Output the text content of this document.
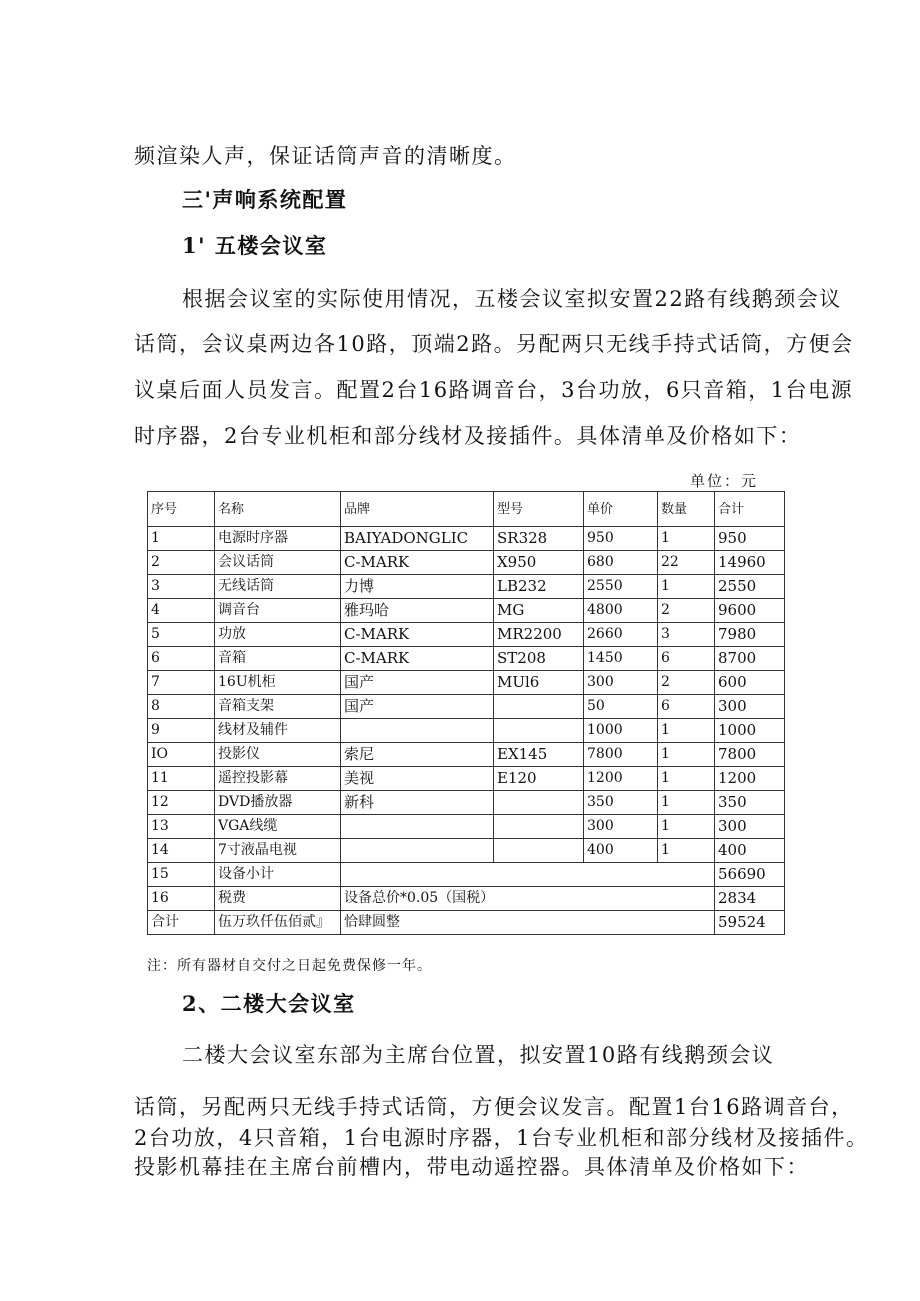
频渲染人声，保证话筒声音的清晰度。
三'声响系统配置
1' 五楼会议室
根据会议室的实际使用情况，五楼会议室拟安置22路有线鹅颈会议
话筒，会议桌两边各10路，顶端2路。另配两只无线手持式话筒，方便会
议桌后面人员发言。配置2台16路调音台，3台功放，6只音箱，1台电源
时序器，2台专业机柜和部分线材及接插件。具体清单及价格如下：
单位：元
序号	名称	品牌	型号	单价	数量	合计
1	电源时序器	BAIYADONGLIC	SR328	950	1	950
2	会议话筒	C-MARK	X950	680	22	14960
3	无线话筒	力博	LB232	2550	1	2550
4	调音台	雅玛哈	MG	4800	2	9600
5	功放	C-MARK	MR2200	2660	3	7980
6	音箱	C-MARK	ST208	1450	6	8700
7	16U机柜	国产	MUl6	300	2	600
8	音箱支架	国产		50	6	300
9	线材及辅件			1000	1	1000
IO	投影仪	索尼	EX145	7800	1	7800
11	遥控投影幕	美视	E120	1200	1	1200
12	DVD播放器	新科		350	1	350
13	VGA线缆			300	1	300
14	7寸液晶电视			400	1	400
15	设备小计					56690
16	税费	设备总价*0.05（国税）				2834
合计	伍万玖仟伍佰贰』	恰肆圆整				59524
注：所有器材自交付之日起免费保修一年。
2、二楼大会议室
二楼大会议室东部为主席台位置，拟安置10路有线鹅颈会议
话筒，另配两只无线手持式话筒，方便会议发言。配置1台16路调音台，
2台功放，4只音箱，1台电源时序器，1台专业机柜和部分线材及接插件。
投影机幕挂在主席台前槽内，带电动遥控器。具体清单及价格如下：
